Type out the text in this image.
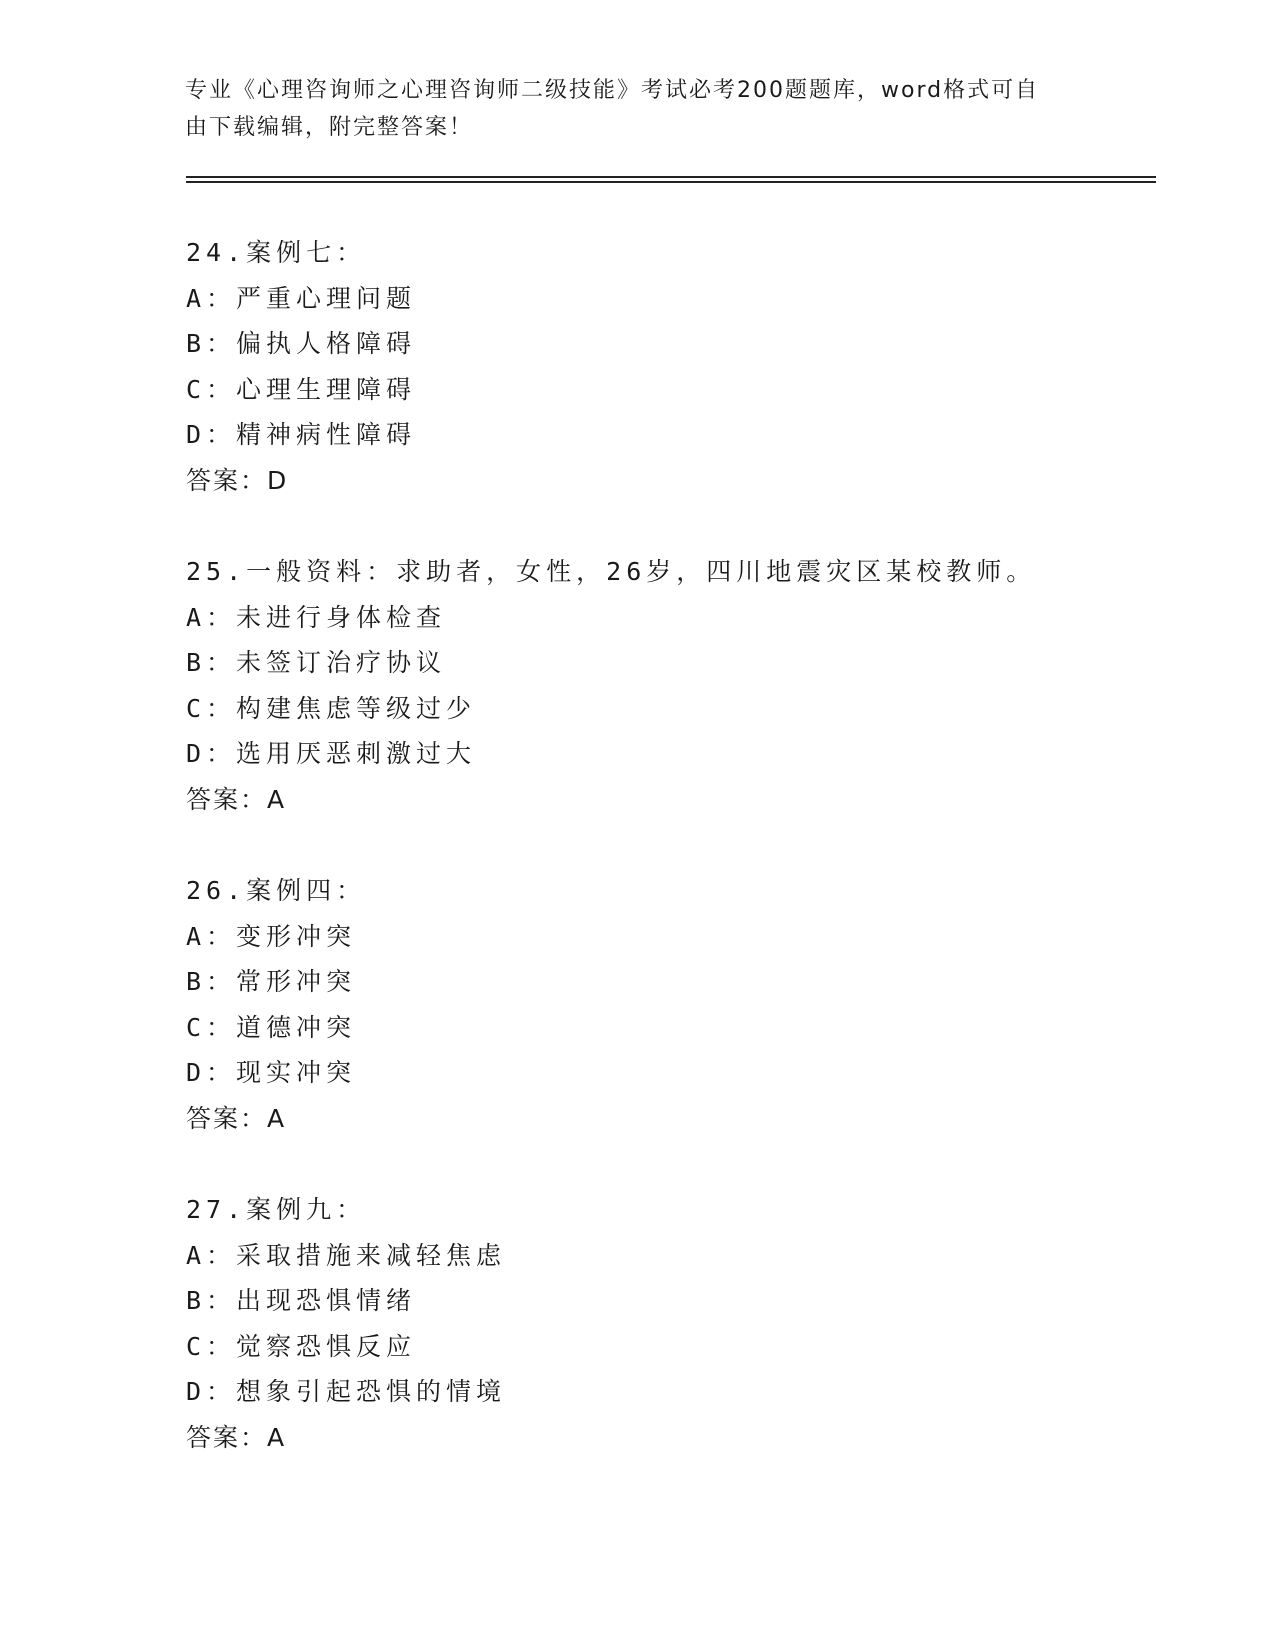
专业《心理咨询师之心理咨询师二级技能》考试必考200题题库，word格式可自
由下载编辑，附完整答案！
24.案例七：
A：严重心理问题
B：偏执人格障碍
C：心理生理障碍
D：精神病性障碍
答案：D
25.一般资料：求助者，女性，26岁，四川地震灾区某校教师。
A：未进行身体检查
B：未签订治疗协议
C：构建焦虑等级过少
D：选用厌恶刺激过大
答案：A
26.案例四：
A：变形冲突
B：常形冲突
C：道德冲突
D：现实冲突
答案：A
27.案例九：
A：采取措施来减轻焦虑
B：出现恐惧情绪
C：觉察恐惧反应
D：想象引起恐惧的情境
答案：A
